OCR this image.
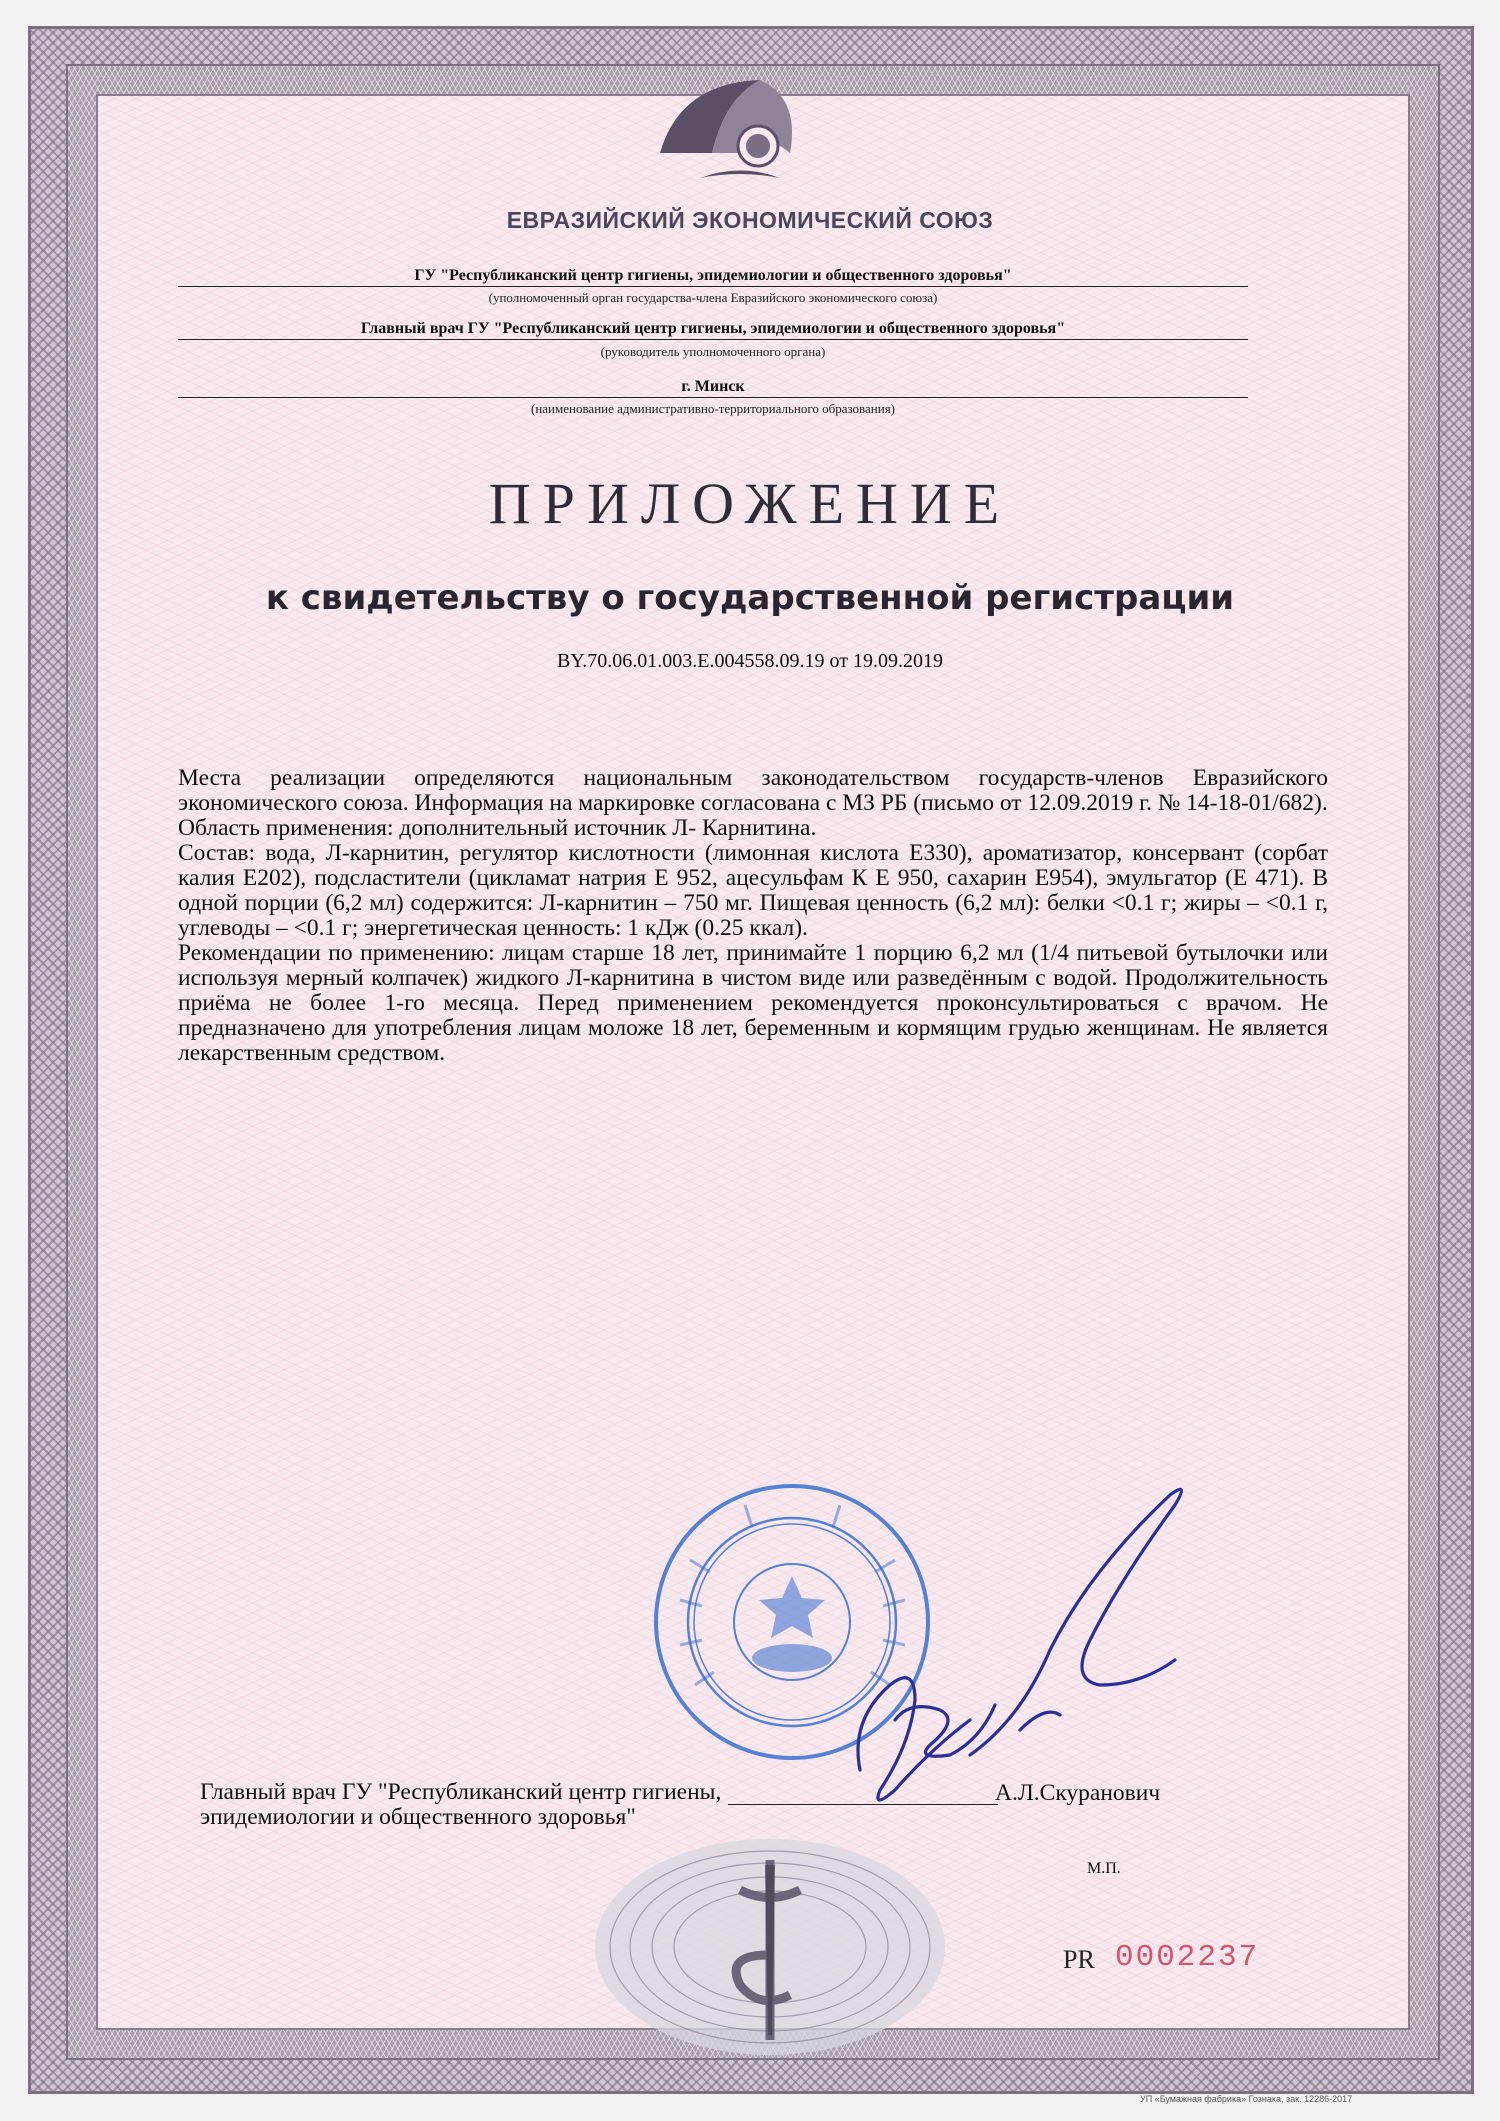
ЕВРАЗИЙСКИЙ ЭКОНОМИЧЕСКИЙ СОЮЗ
ГУ "Республиканский центр гигиены, эпидемиологии и общественного здоровья"
(уполномоченный орган государства-члена Евразийского экономического союза)
Главный врач ГУ "Республиканский центр гигиены, эпидемиологии и общественного здоровья"
(руководитель уполномоченного органа)
г. Минск
(наименование административно-территориального образования)
ПРИЛОЖЕНИЕ
к свидетельству о государственной регистрации
BY.70.06.01.003.E.004558.09.19 от 19.09.2019

Места реализации определяются национальным законодательством государств-членов Евразийского экономического союза. Информация на маркировке согласована с МЗ РБ (письмо от 12.09.2019 г. № 14-18-01/682).

Область применения: дополнительный источник Л- Карнитина.

Состав: вода, Л-карнитин, регулятор кислотности (лимонная кислота Е330), ароматизатор, консервант (сорбат калия Е202), подсластители (цикламат натрия Е 952, ацесульфам К Е 950, сахарин Е954), эмульгатор (Е 471). В одной порции (6,2 мл) содержится: Л-карнитин – 750 мг. Пищевая ценность (6,2 мл): белки <0.1 г; жиры – <0.1 г, углеводы – <0.1 г; энергетическая ценность: 1 кДж (0.25 ккал).

Рекомендации по применению: лицам старше 18 лет, принимайте 1 порцию 6,2 мл (1/4 питьевой бутылочки или используя мерный колпачек) жидкого Л-карнитина в чистом виде или разведённым с водой. Продолжительность приёма не более 1-го месяца. Перед применением рекомендуется проконсультироваться с врачом. Не предназначено для употребления лицам моложе 18 лет, беременным и кормящим грудью женщинам. Не является лекарственным средством.

Главный врач ГУ "Республиканский центр гигиены, эпидемиологии и общественного здоровья"
А.Л.Скуранович
М.П.
PR 0002237
УП «Бумажная фабрика» Гознака, зак. 12286-2017
